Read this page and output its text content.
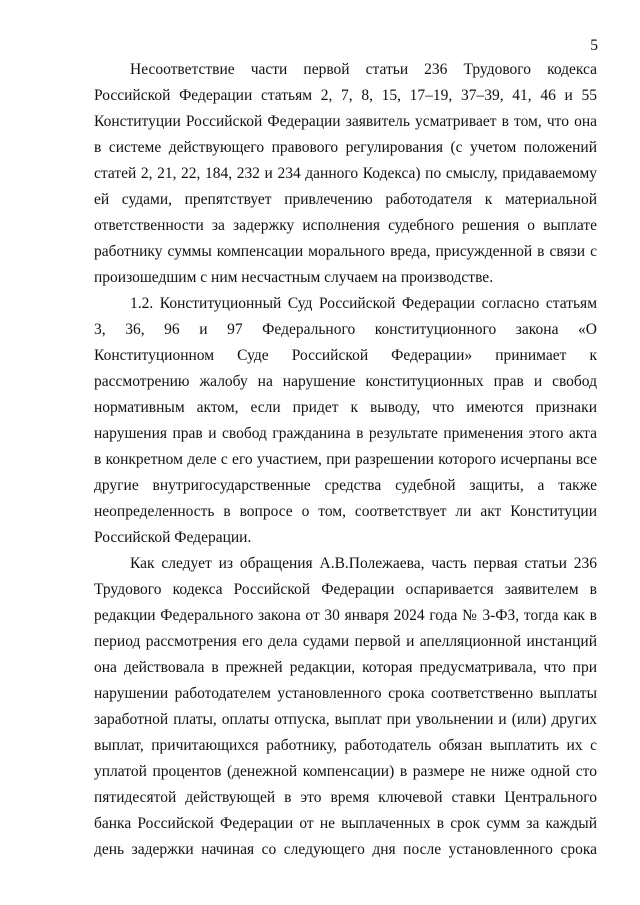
5

Несоответствие части первой статьи 236 Трудового кодекса
Российской Федерации статьям 2, 7, 8, 15, 17–19, 37–39, 41, 46 и 55
Конституции Российской Федерации заявитель усматривает в том, что она
в системе действующего правового регулирования (с учетом положений
статей 2, 21, 22, 184, 232 и 234 данного Кодекса) по смыслу, придаваемому
ей судами, препятствует привлечению работодателя к материальной
ответственности за задержку исполнения судебного решения о выплате
работнику суммы компенсации морального вреда, присужденной в связи с
произошедшим с ним несчастным случаем на производстве.

1.2. Конституционный Суд Российской Федерации согласно статьям
3, 36, 96 и 97 Федерального конституционного закона «О
Конституционном Суде Российской Федерации» принимает к
рассмотрению жалобу на нарушение конституционных прав и свобод
нормативным актом, если придет к выводу, что имеются признаки
нарушения прав и свобод гражданина в результате применения этого акта
в конкретном деле с его участием, при разрешении которого исчерпаны все
другие внутригосударственные средства судебной защиты, а также
неопределенность в вопросе о том, соответствует ли акт Конституции
Российской Федерации.

Как следует из обращения А.В.Полежаева, часть первая статьи 236
Трудового кодекса Российской Федерации оспаривается заявителем в
редакции Федерального закона от 30 января 2024 года № 3-ФЗ, тогда как в
период рассмотрения его дела судами первой и апелляционной инстанций
она действовала в прежней редакции, которая предусматривала, что при
нарушении работодателем установленного срока соответственно выплаты
заработной платы, оплаты отпуска, выплат при увольнении и (или) других
выплат, причитающихся работнику, работодатель обязан выплатить их с
уплатой процентов (денежной компенсации) в размере не ниже одной сто
пятидесятой действующей в это время ключевой ставки Центрального
банка Российской Федерации от не выплаченных в срок сумм за каждый
день задержки начиная со следующего дня после установленного срока
